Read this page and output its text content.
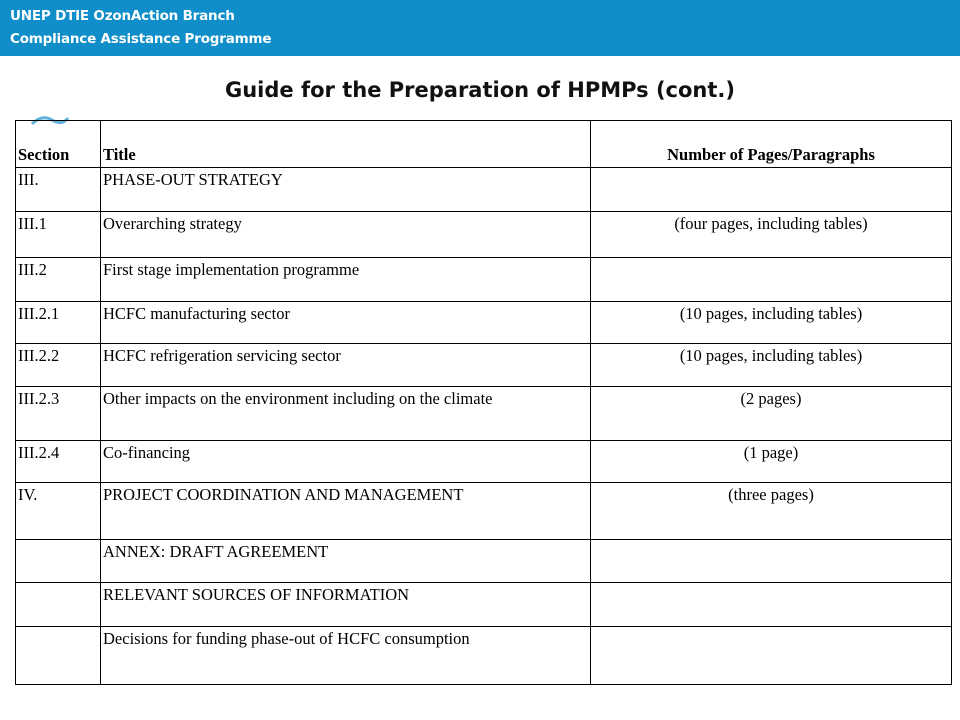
UNEP DTIE OzonAction Branch
Compliance Assistance Programme
Guide for the Preparation of HPMPs (cont.)
Section	Title	Number of Pages/Paragraphs
III.	PHASE-OUT STRATEGY	
III.1	Overarching strategy	(four pages, including tables)
III.2	First stage implementation programme	
III.2.1	HCFC manufacturing sector	(10 pages, including tables)
III.2.2	HCFC refrigeration servicing sector	(10 pages, including tables)
III.2.3	Other impacts on the environment including on the climate	(2 pages)
III.2.4	Co-financing	(1 page)
IV.	PROJECT COORDINATION AND MANAGEMENT	(three pages)
	ANNEX: DRAFT AGREEMENT	
	RELEVANT SOURCES OF INFORMATION	
	Decisions for funding phase-out of HCFC consumption	
